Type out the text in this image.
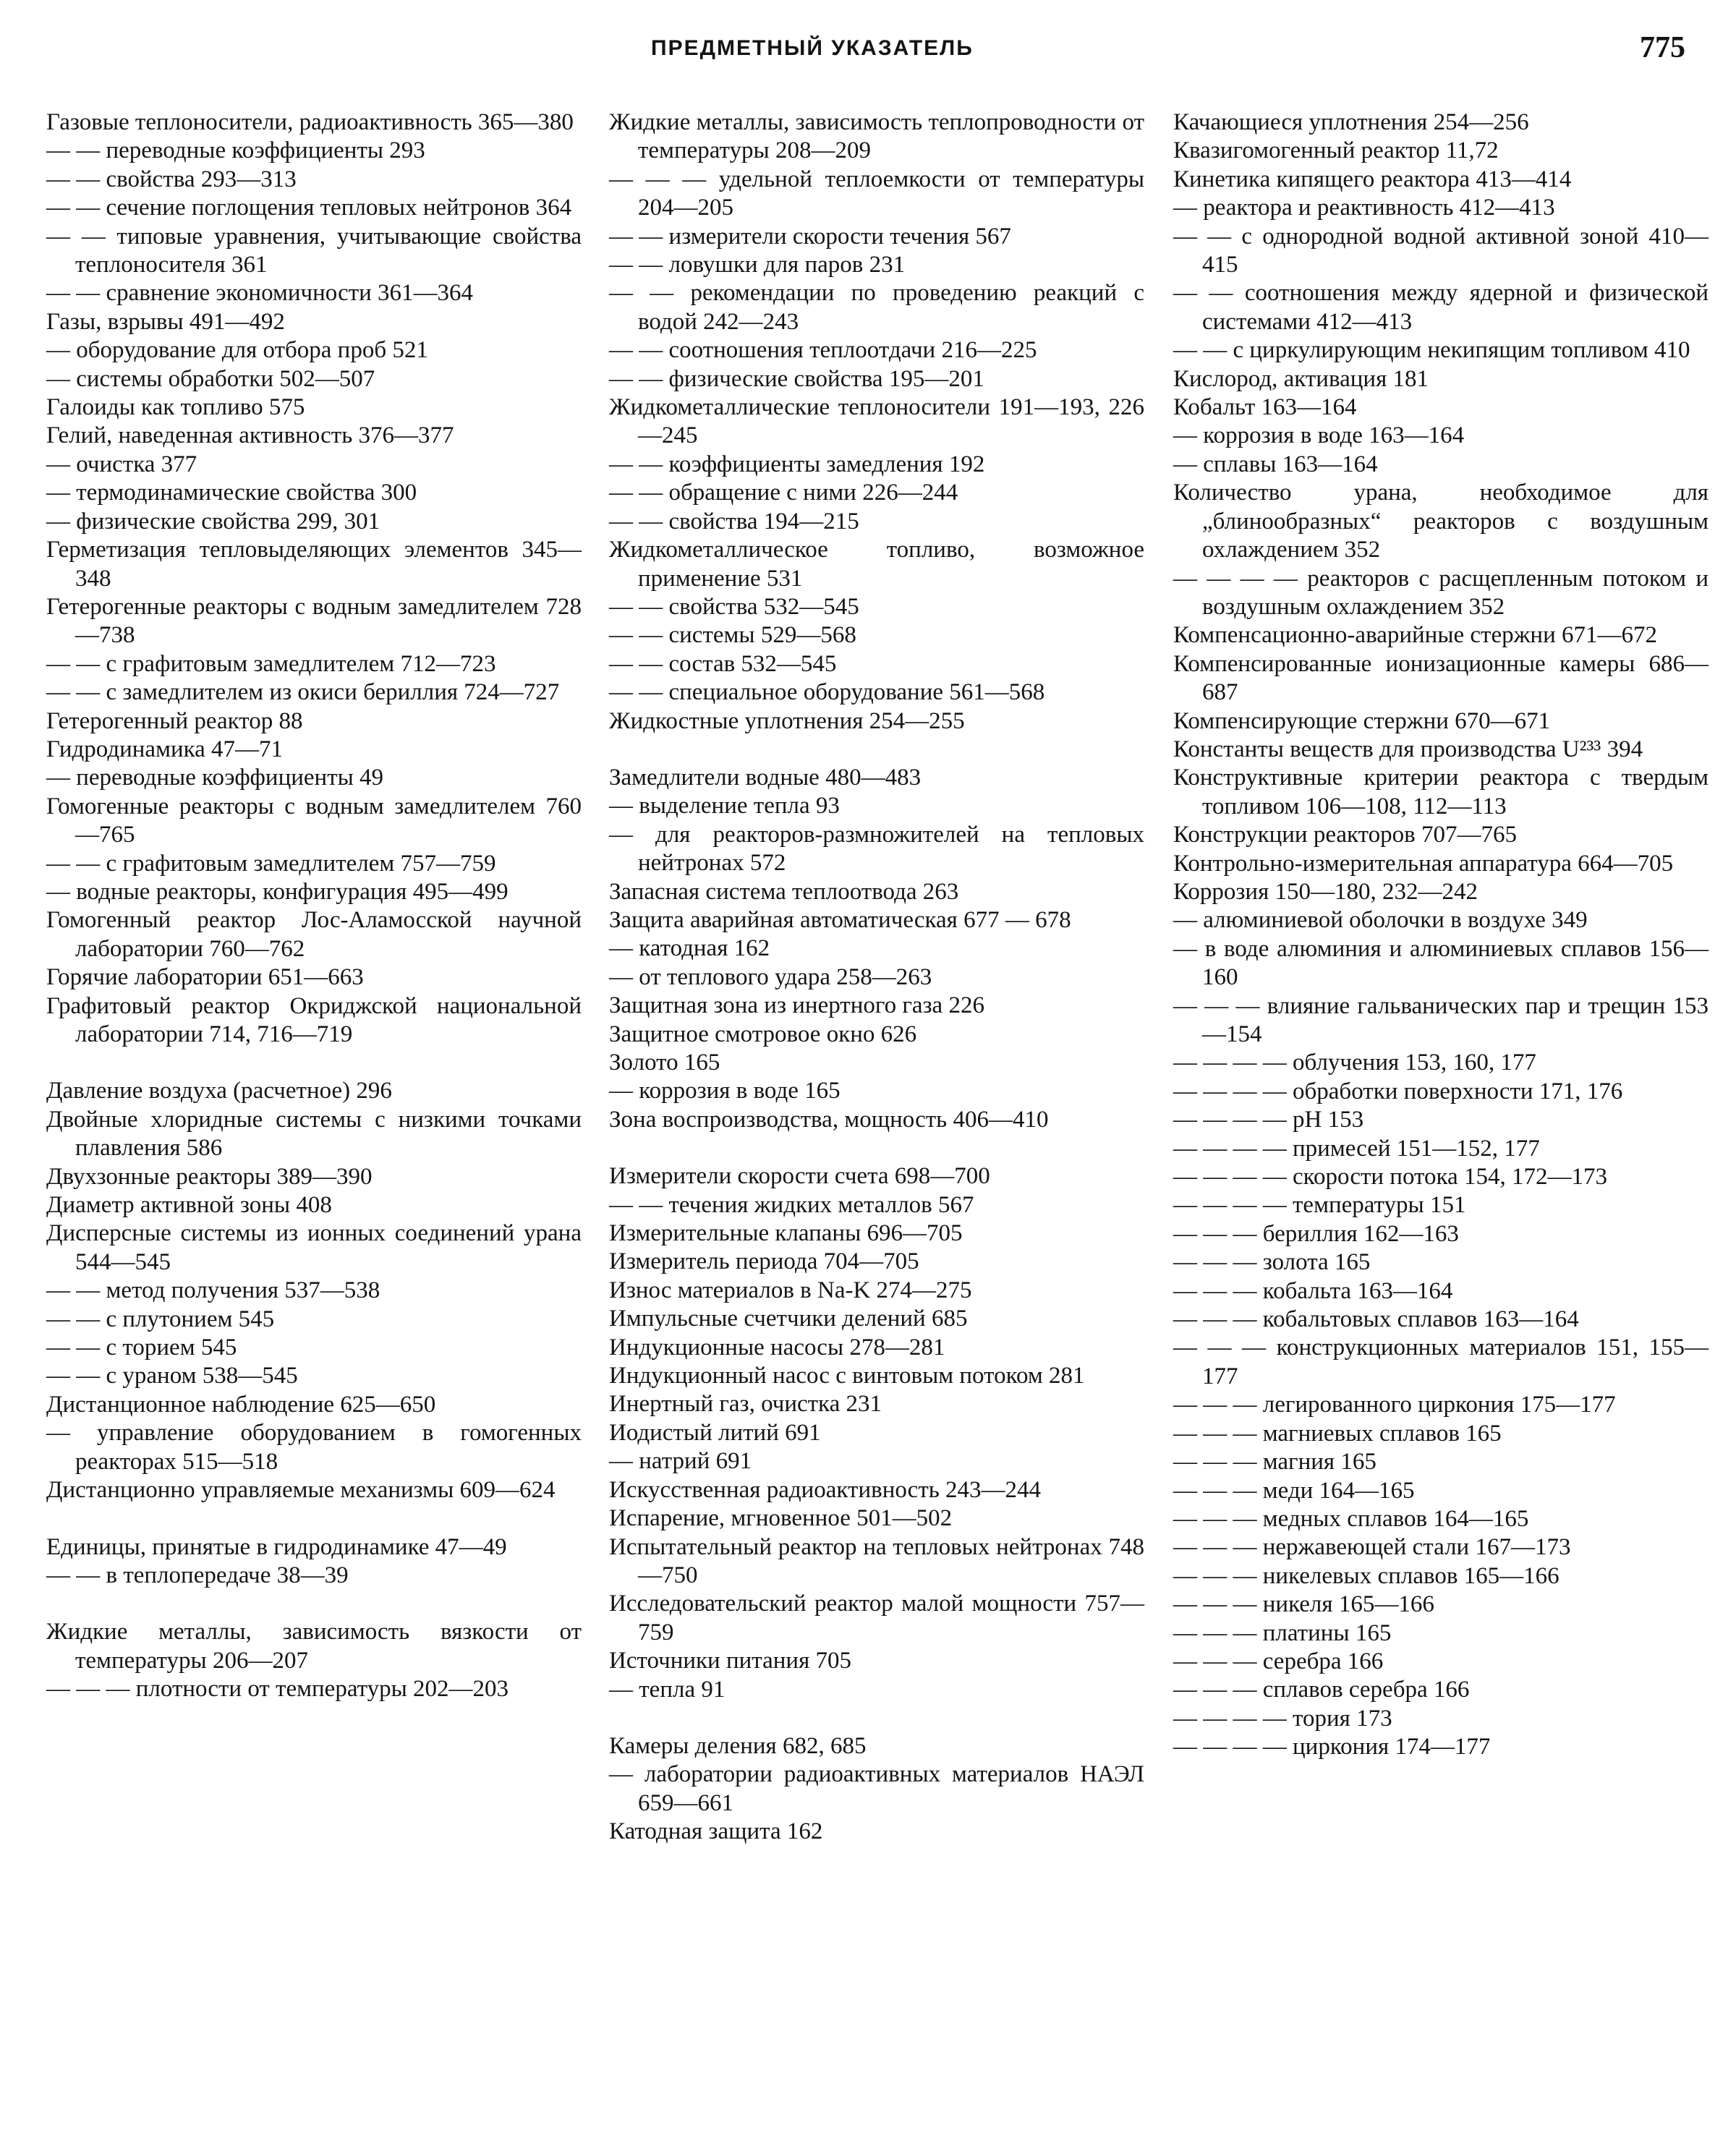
ПРЕДМЕТНЫЙ УКАЗАТЕЛЬ	775
Газовые теплоносители, радиоактивность 365—380
— — переводные коэффициенты 293
— — свойства 293—313
— — сечение поглощения тепловых нейтронов 364
— — типовые уравнения, учитывающие свойства теплоносителя 361
— — сравнение экономичности 361—364
Газы, взрывы 491—492
— оборудование для отбора проб 521
— системы обработки 502—507
Галоиды как топливо 575
Гелий, наведенная активность 376—377
— очистка 377
— термодинамические свойства 300
— физические свойства 299, 301
Герметизация тепловыделяющих элементов 345—348
Гетерогенные реакторы с водным замедлителем 728—738
— — с графитовым замедлителем 712—723
— — с замедлителем из окиси бериллия 724—727
Гетерогенный реактор 88
Гидродинамика 47—71
— переводные коэффициенты 49
Гомогенные реакторы с водным замедлителем 760—765
— — с графитовым замедлителем 757—759
— водные реакторы, конфигурация 495—499
Гомогенный реактор Лос-Аламосской научной лаборатории 760—762
Горячие лаборатории 651—663
Графитовый реактор Окриджской национальной лаборатории 714, 716—719
Давление воздуха (расчетное) 296
Двойные хлоридные системы с низкими точками плавления 586
Двухзонные реакторы 389—390
Диаметр активной зоны 408
Дисперсные системы из ионных соединений урана 544—545
— — метод получения 537—538
— — с плутонием 545
— — с торием 545
— — с ураном 538—545
Дистанционное наблюдение 625—650
— управление оборудованием в гомогенных реакторах 515—518
Дистанционно управляемые механизмы 609—624
Единицы, принятые в гидродинамике 47—49
— — в теплопередаче 38—39
Жидкие металлы, зависимость вязкости от температуры 206—207
— — — плотности от температуры 202—203
Жидкие металлы, зависимость теплопроводности от температуры 208—209
— — — удельной теплоемкости от температуры 204—205
— — измерители скорости течения 567
— — ловушки для паров 231
— — рекомендации по проведению реакций с водой 242—243
— — соотношения теплоотдачи 216—225
— — физические свойства 195—201
Жидкометаллические теплоносители 191—193, 226—245
— — коэффициенты замедления 192
— — обращение с ними 226—244
— — свойства 194—215
Жидкометаллическое топливо, возможное применение 531
— — свойства 532—545
— — системы 529—568
— — состав 532—545
— — специальное оборудование 561—568
Жидкостные уплотнения 254—255
Замедлители водные 480—483
— выделение тепла 93
— для реакторов-размножителей на тепловых нейтронах 572
Запасная система теплоотвода 263
Защита аварийная автоматическая 677 — 678
— катодная 162
— от теплового удара 258—263
Защитная зона из инертного газа 226
Защитное смотровое окно 626
Золото 165
— коррозия в воде 165
Зона воспроизводства, мощность 406—410
Измерители скорости счета 698—700
— — течения жидких металлов 567
Измерительные клапаны 696—705
Измеритель периода 704—705
Износ материалов в Na-K 274—275
Импульсные счетчики делений 685
Индукционные насосы 278—281
Индукционный насос с винтовым потоком 281
Инертный газ, очистка 231
Иодистый литий 691
— натрий 691
Искусственная радиоактивность 243—244
Испарение, мгновенное 501—502
Испытательный реактор на тепловых нейтронах 748—750
Исследовательский реактор малой мощности 757—759
Источники питания 705
— тепла 91
Камеры деления 682, 685
— лаборатории радиоактивных материалов НАЭЛ 659—661
Катодная защита 162
Качающиеся уплотнения 254—256
Квазигомогенный реактор 11,72
Кинетика кипящего реактора 413—414
— реактора и реактивность 412—413
— — с однородной водной активной зоной 410—415
— — соотношения между ядерной и физической системами 412—413
— — с циркулирующим некипящим топливом 410
Кислород, активация 181
Кобальт 163—164
— коррозия в воде 163—164
— сплавы 163—164
Количество урана, необходимое для „блинообразных“ реакторов с воздушным охлаждением 352
— — — — реакторов с расщепленным потоком и воздушным охлаждением 352
Компенсационно-аварийные стержни 671—672
Компенсированные ионизационные камеры 686—687
Компенсирующие стержни 670—671
Константы веществ для производства U²³³ 394
Конструктивные критерии реактора с твердым топливом 106—108, 112—113
Конструкции реакторов 707—765
Контрольно-измерительная аппаратура 664—705
Коррозия 150—180, 232—242
— алюминиевой оболочки в воздухе 349
— в воде алюминия и алюминиевых сплавов 156—160
— — — влияние гальванических пар и трещин 153—154
— — — — облучения 153, 160, 177
— — — — обработки поверхности 171, 176
— — — — pH 153
— — — — примесей 151—152, 177
— — — — скорости потока 154, 172—173
— — — — температуры 151
— — — бериллия 162—163
— — — золота 165
— — — кобальта 163—164
— — — кобальтовых сплавов 163—164
— — — конструкционных материалов 151, 155—177
— — — легированного циркония 175—177
— — — магниевых сплавов 165
— — — магния 165
— — — меди 164—165
— — — медных сплавов 164—165
— — — нержавеющей стали 167—173
— — — никелевых сплавов 165—166
— — — никеля 165—166
— — — платины 165
— — — серебра 166
— — — сплавов серебра 166
— — — — тория 173
— — — — циркония 174—177
